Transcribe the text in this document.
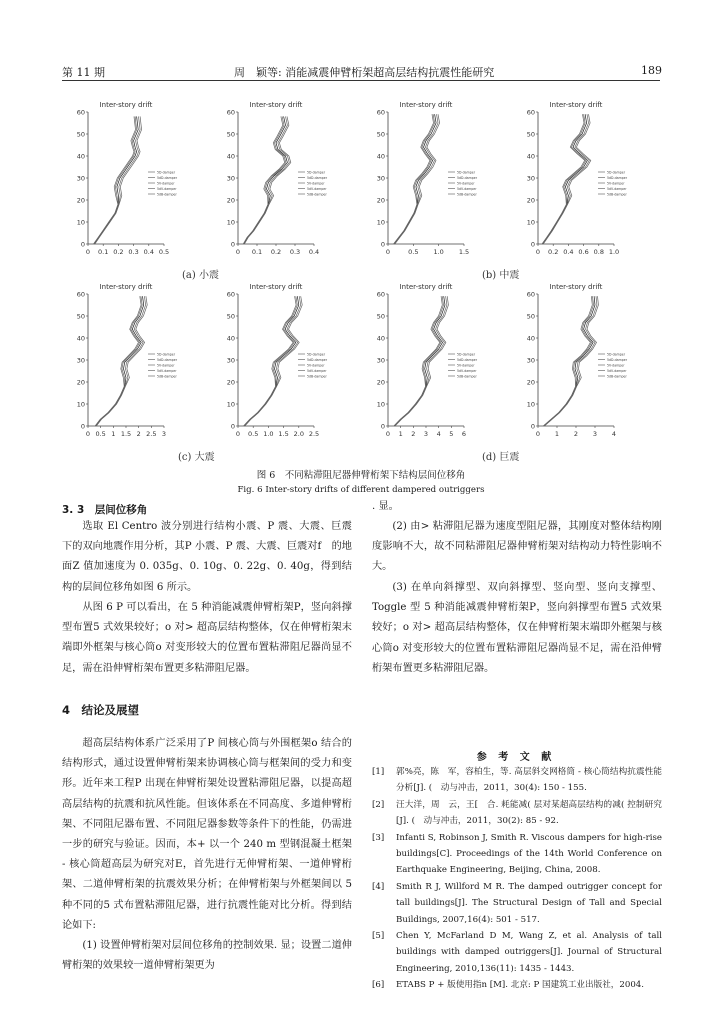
第 11 期	周　颖等: 消能减震伸臂桁架超高层结构抗震性能研究	189
Inter-story drift
0
10
20
30
40
50
60
0 0.1 0.2 0.3 0.4 0.5
5D-damper
5dD-damper
5V-damper
5dV-damper
5dB-damper
Inter-story drift
0
10
20
30
40
50
60
0 0.1 0.2 0.3 0.4
5D-damper
5dD-damper
5V-damper
5dV-damper
5dB-damper
Inter-story drift
0
10
20
30
40
50
60
0	0.5 1.0 1.5
5D-damper
5dD-damper
5V-damper
5dV-damper
5dB-damper
Inter-story drift
0
10
20
30
40
50
60
0 0.2 0.4 0.6 0.8 1.0
5D-damper
5dD-damper
5V-damper
5dV-damper
5dB-damper
Inter-story drift
0
10
20
30
40
50
60
0 0.5 1 1.5 2 2.5 3
5D-damper
5dD-damper
5V-damper
5dV-damper
5dB-damper
Inter-story drift
0
10
20
30
40
50
60
0 0.5 1.0 1.5 2.0 2.5
5D-damper
5dD-damper
5V-damper
5dV-damper
5dB-damper
Inter-story drift
0
10
20
30
40
50
60
0 1 2 3 4 5 6
5D-damper
5dD-damper
5V-damper
5dV-damper
5dB-damper
Inter-story drift
0
10
20
30
40
50
60
0 1 2 3 4
5D-damper
5dD-damper
5V-damper
5dV-damper
5dB-damper
(a) 小震	(b) 中震
(c) 大震	(d) 巨震
图 6　不同粘滞阻尼器伸臂桁架下结构层间位移角
Fig. 6 Inter-story drifts of different dampered outriggers
3. 3　层间位移角

选取 El Centro 波分别进行结构小震、P 震、大震、巨震下的双向地震作用分析，其P 小震、P 震、大震、巨震对f　的地面Z 值加速度为 0. 035g、0. 10g、0. 22g、0. 40g，得到结构的层间位移角如图 6 所示。

从图 6 P 可以看出，在 5 种消能减震伸臂桁架P，竖向斜撑型布置5 式效果较好；o 对> 超高层结构整体，仅在伸臂桁架末端即外框架与核心筒o 对变形较大的位置布置粘滞阻尼器尚显不足，需在沿伸臂桁架布置更多粘滞阻尼器。

4　结论及展望

超高层结构体系广泛采用了P 间核心筒与外围框架o 结合的结构形式，通过设置伸臂桁架来协调核心筒与框架间的受力和变形。近年来工程P 出现在伸臂桁架处设置粘滞阻尼器，以提高超高层结构的抗震和抗风性能。但该体系在不同高度、多道伸臂桁架、不同阻尼器布置、不同阻尼器参数等条件下的性能，仍需进一步的研究与验证。因而，本+ 以一个 240 m 型钢混凝土框架 - 核心筒超高层为研究对E，首先进行无伸臂桁架、一道伸臂桁架、二道伸臂桁架的抗震效果分析；在伸臂桁架与外框架间以 5 种不同的5 式布置粘滞阻尼器，进行抗震性能对比分析。得到结论如下:

(1) 设置伸臂桁架对层间位移角的控制效果. 显；设置二道伸臂桁架的效果较一道伸臂桁架更为

. 显。

(2) 由> 粘滞阻尼器为速度型阻尼器，其刚度对整体结构刚度影响不大，故不同粘滞阻尼器伸臂桁架对结构动力特性影响不大。

(3) 在单向斜撑型、双向斜撑型、竖向型、竖向支撑型、Toggle 型 5 种消能减震伸臂桁架P，竖向斜撑型布置5 式效果较好；o 对> 超高层结构整体，仅在伸臂桁架末端即外框架与核心筒o 对变形较大的位置布置粘滞阻尼器尚显不足，需在沿伸臂桁架布置更多粘滞阻尼器。

参 考 文 献

[1] 郭%亮，陈　军，容柏生，等. 高层斜交网格筒 - 核心筒结构抗震性能分析[J]. (　动与冲击，2011，30(4): 150 - 155.

[2] 汪大洋，周　云，王[　合. 耗能减( 层对某超高层结构的减( 控制研究[J]. (　动与冲击，2011，30(2): 85 - 92.

[3] Infanti S, Robinson J, Smith R. Viscous dampers for high-rise buildings[C]. Proceedings of the 14th World Conference on Earthquake Engineering, Beijing, China, 2008.

[4] Smith R J, Willford M R. The damped outrigger concept for tall buildings[J]. The Structural Design of Tall and Special Buildings, 2007,16(4): 501 - 517.

[5] Chen Y, McFarland D M, Wang Z, et al. Analysis of tall buildings with damped outriggers[J]. Journal of Structural Engineering, 2010,136(11): 1435 - 1443.

[6] ETABS P + 版使用指n [M]. 北京: P 国建筑工业出版社，2004.
